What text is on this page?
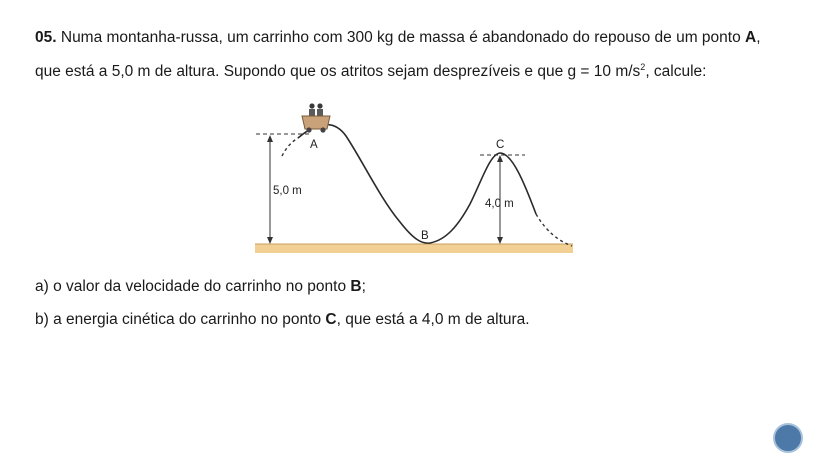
05. Numa montanha-russa, um carrinho com 300 kg de massa é abandonado do repouso de um ponto A,
que está a 5,0 m de altura. Supondo que os atritos sejam desprezíveis e que g = 10 $m/s^2$, calcule:
A	C
B
5,0 m
4,0 m
a) o valor da velocidade do carrinho no ponto B;
b) a energia cinética do carrinho no ponto C, que está a 4,0 m de altura.
